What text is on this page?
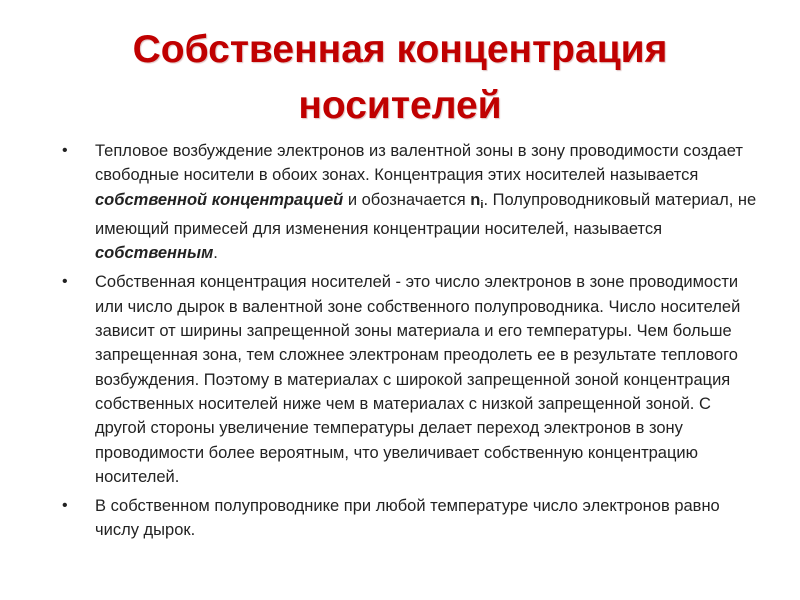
Собственная концентрация
носителей
• Тепловое возбуждение электронов из валентной зоны в зону проводимости создает свободные носители в обоих зонах. Концентрация этих носителей называется собственной концентрацией и обозначается $n_i$. Полупроводниковый материал, не имеющий примесей для изменения концентрации носителей, называется собственным.
• Собственная концентрация носителей - это число электронов в зоне проводимости или число дырок в валентной зоне собственного полупроводника. Число носителей зависит от ширины запрещенной зоны материала и его температуры. Чем больше запрещенная зона, тем сложнее электронам преодолеть ее в результате теплового возбуждения. Поэтому в материалах с широкой запрещенной зоной концентрация собственных носителей ниже чем в материалах с низкой запрещенной зоной. С другой стороны увеличение температуры делает переход электронов в зону проводимости более вероятным, что увеличивает собственную концентрацию носителей.
• В собственном полупроводнике при любой температуре число электронов равно числу дырок.
